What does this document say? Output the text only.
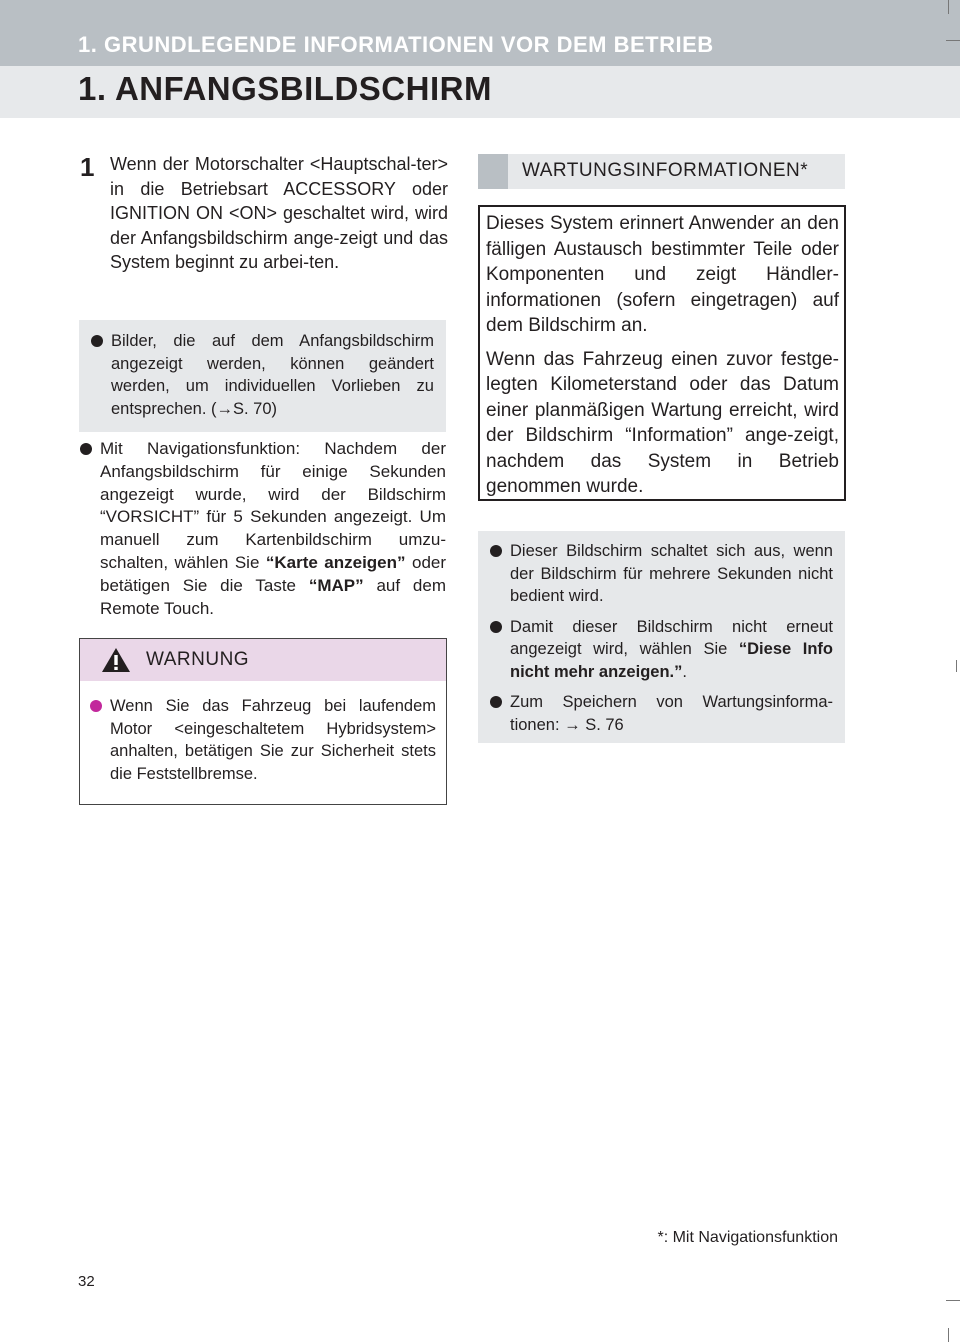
1. GRUNDLEGENDE INFORMATIONEN VOR DEM BETRIEB
1. ANFANGSBILDSCHIRM
1 Wenn der Motorschalter <Hauptschal-ter> in die Betriebsart ACCESSORY oder IGNITION ON <ON> geschaltet wird, wird der Anfangsbildschirm ange-zeigt und das System beginnt zu arbei-ten.
Bilder, die auf dem Anfangsbildschirm angezeigt werden, können geändert werden, um individuellen Vorlieben zu entsprechen. (→S. 70)
Mit Navigationsfunktion: Nachdem der Anfangsbildschirm für einige Sekunden angezeigt wurde, wird der Bildschirm “VORSICHT” für 5 Sekunden angezeigt. Um manuell zum Kartenbildschirm umzu-schalten, wählen Sie “Karte anzeigen” oder betätigen Sie die Taste “MAP” auf dem Remote Touch.
WARNUNG
Wenn Sie das Fahrzeug bei laufendem Motor <eingeschaltetem Hybridsystem> anhalten, betätigen Sie zur Sicherheit stets die Feststellbremse.
WARTUNGSINFORMATIONEN*

Dieses System erinnert Anwender an den fälligen Austausch bestimmter Teile oder Komponenten und zeigt Händler-informationen (sofern eingetragen) auf dem Bildschirm an.

Wenn das Fahrzeug einen zuvor festge-legten Kilometerstand oder das Datum einer planmäßigen Wartung erreicht, wird der Bildschirm “Information” ange-zeigt, nachdem das System in Betrieb genommen wurde.

Dieser Bildschirm schaltet sich aus, wenn der Bildschirm für mehrere Sekunden nicht bedient wird.
Damit dieser Bildschirm nicht erneut angezeigt wird, wählen Sie “Diese Info nicht mehr anzeigen.”.
Zum Speichern von Wartungsinforma-tionen: → S. 76
*: Mit Navigationsfunktion
32
